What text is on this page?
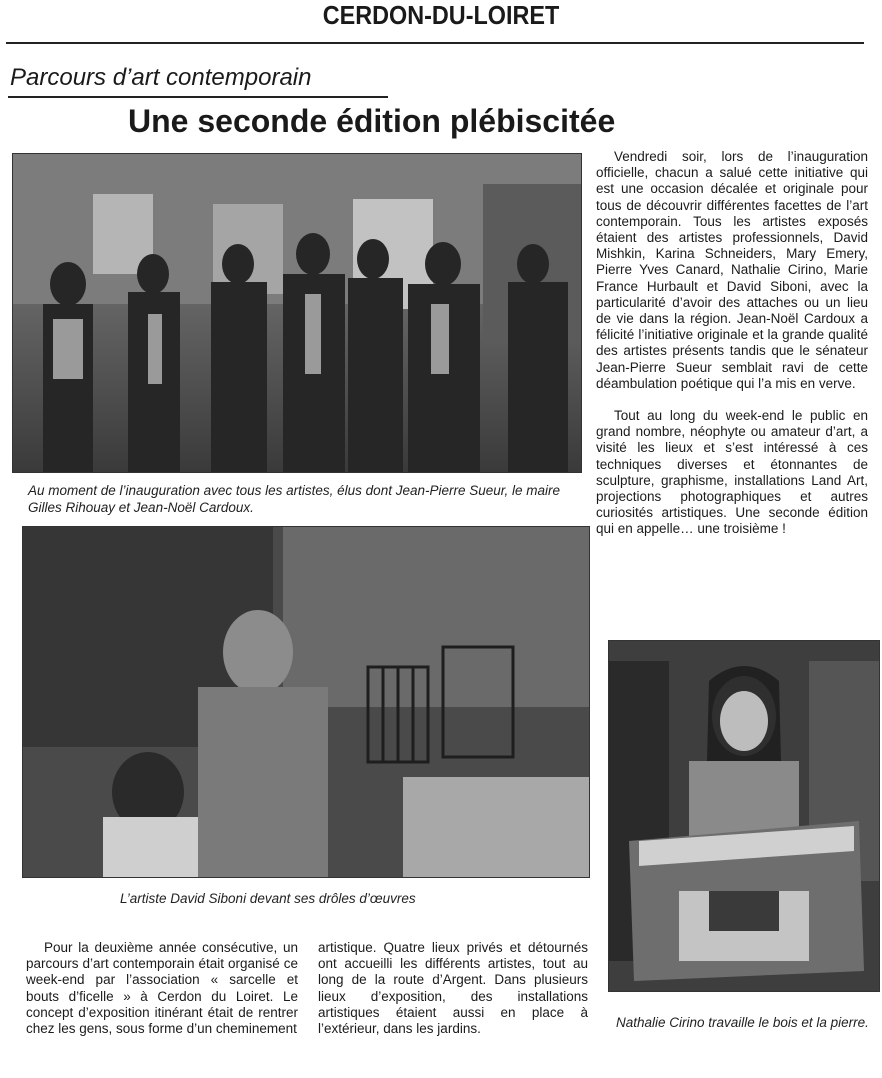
CERDON-DU-LOIRET
Parcours d’art contemporain
Une seconde édition plébiscitée
Au moment de l’inauguration avec tous les artistes, élus dont Jean-Pierre Sueur, le maire Gilles Rihouay et Jean-Noël Cardoux.
L’artiste David Siboni devant ses drôles d’œuvres

Vendredi soir, lors de l’inauguration officielle, chacun a salué cette initiative qui est une occasion décalée et originale pour tous de découvrir différentes facettes de l’art contemporain. Tous les artistes exposés étaient des artistes professionnels, David Mishkin, Karina Schneiders, Mary Emery, Pierre Yves Canard, Nathalie Cirino, Marie France Hurbault et David Siboni, avec la particularité d’avoir des attaches ou un lieu de vie dans la région. Jean-Noël Cardoux a félicité l’initiative originale et la grande qualité des artistes présents tandis que le sénateur Jean-Pierre Sueur semblait ravi de cette déambulation poétique qui l’a mis en verve.

Tout au long du week-end le public en grand nombre, néophyte ou amateur d’art, a visité les lieux et s’est intéressé à ces techniques diverses et étonnantes de sculpture, graphisme, installations Land Art, projections photographiques et autres curiosités artistiques. Une seconde édition qui en appelle… une troisième !

Nathalie Cirino travaille le bois et la pierre.

Pour la deuxième année consécutive, un parcours d’art contemporain était organisé ce week-end par l’association « sarcelle et bouts d’ficelle » à Cerdon du Loiret. Le concept d’exposition itinérant était de rentrer chez les gens, sous forme d’un cheminement

artistique. Quatre lieux privés et détournés ont accueilli les différents artistes, tout au long de la route d’Argent. Dans plusieurs lieux d’exposition, des installations artistiques étaient aussi en place à l’extérieur, dans les jardins.
